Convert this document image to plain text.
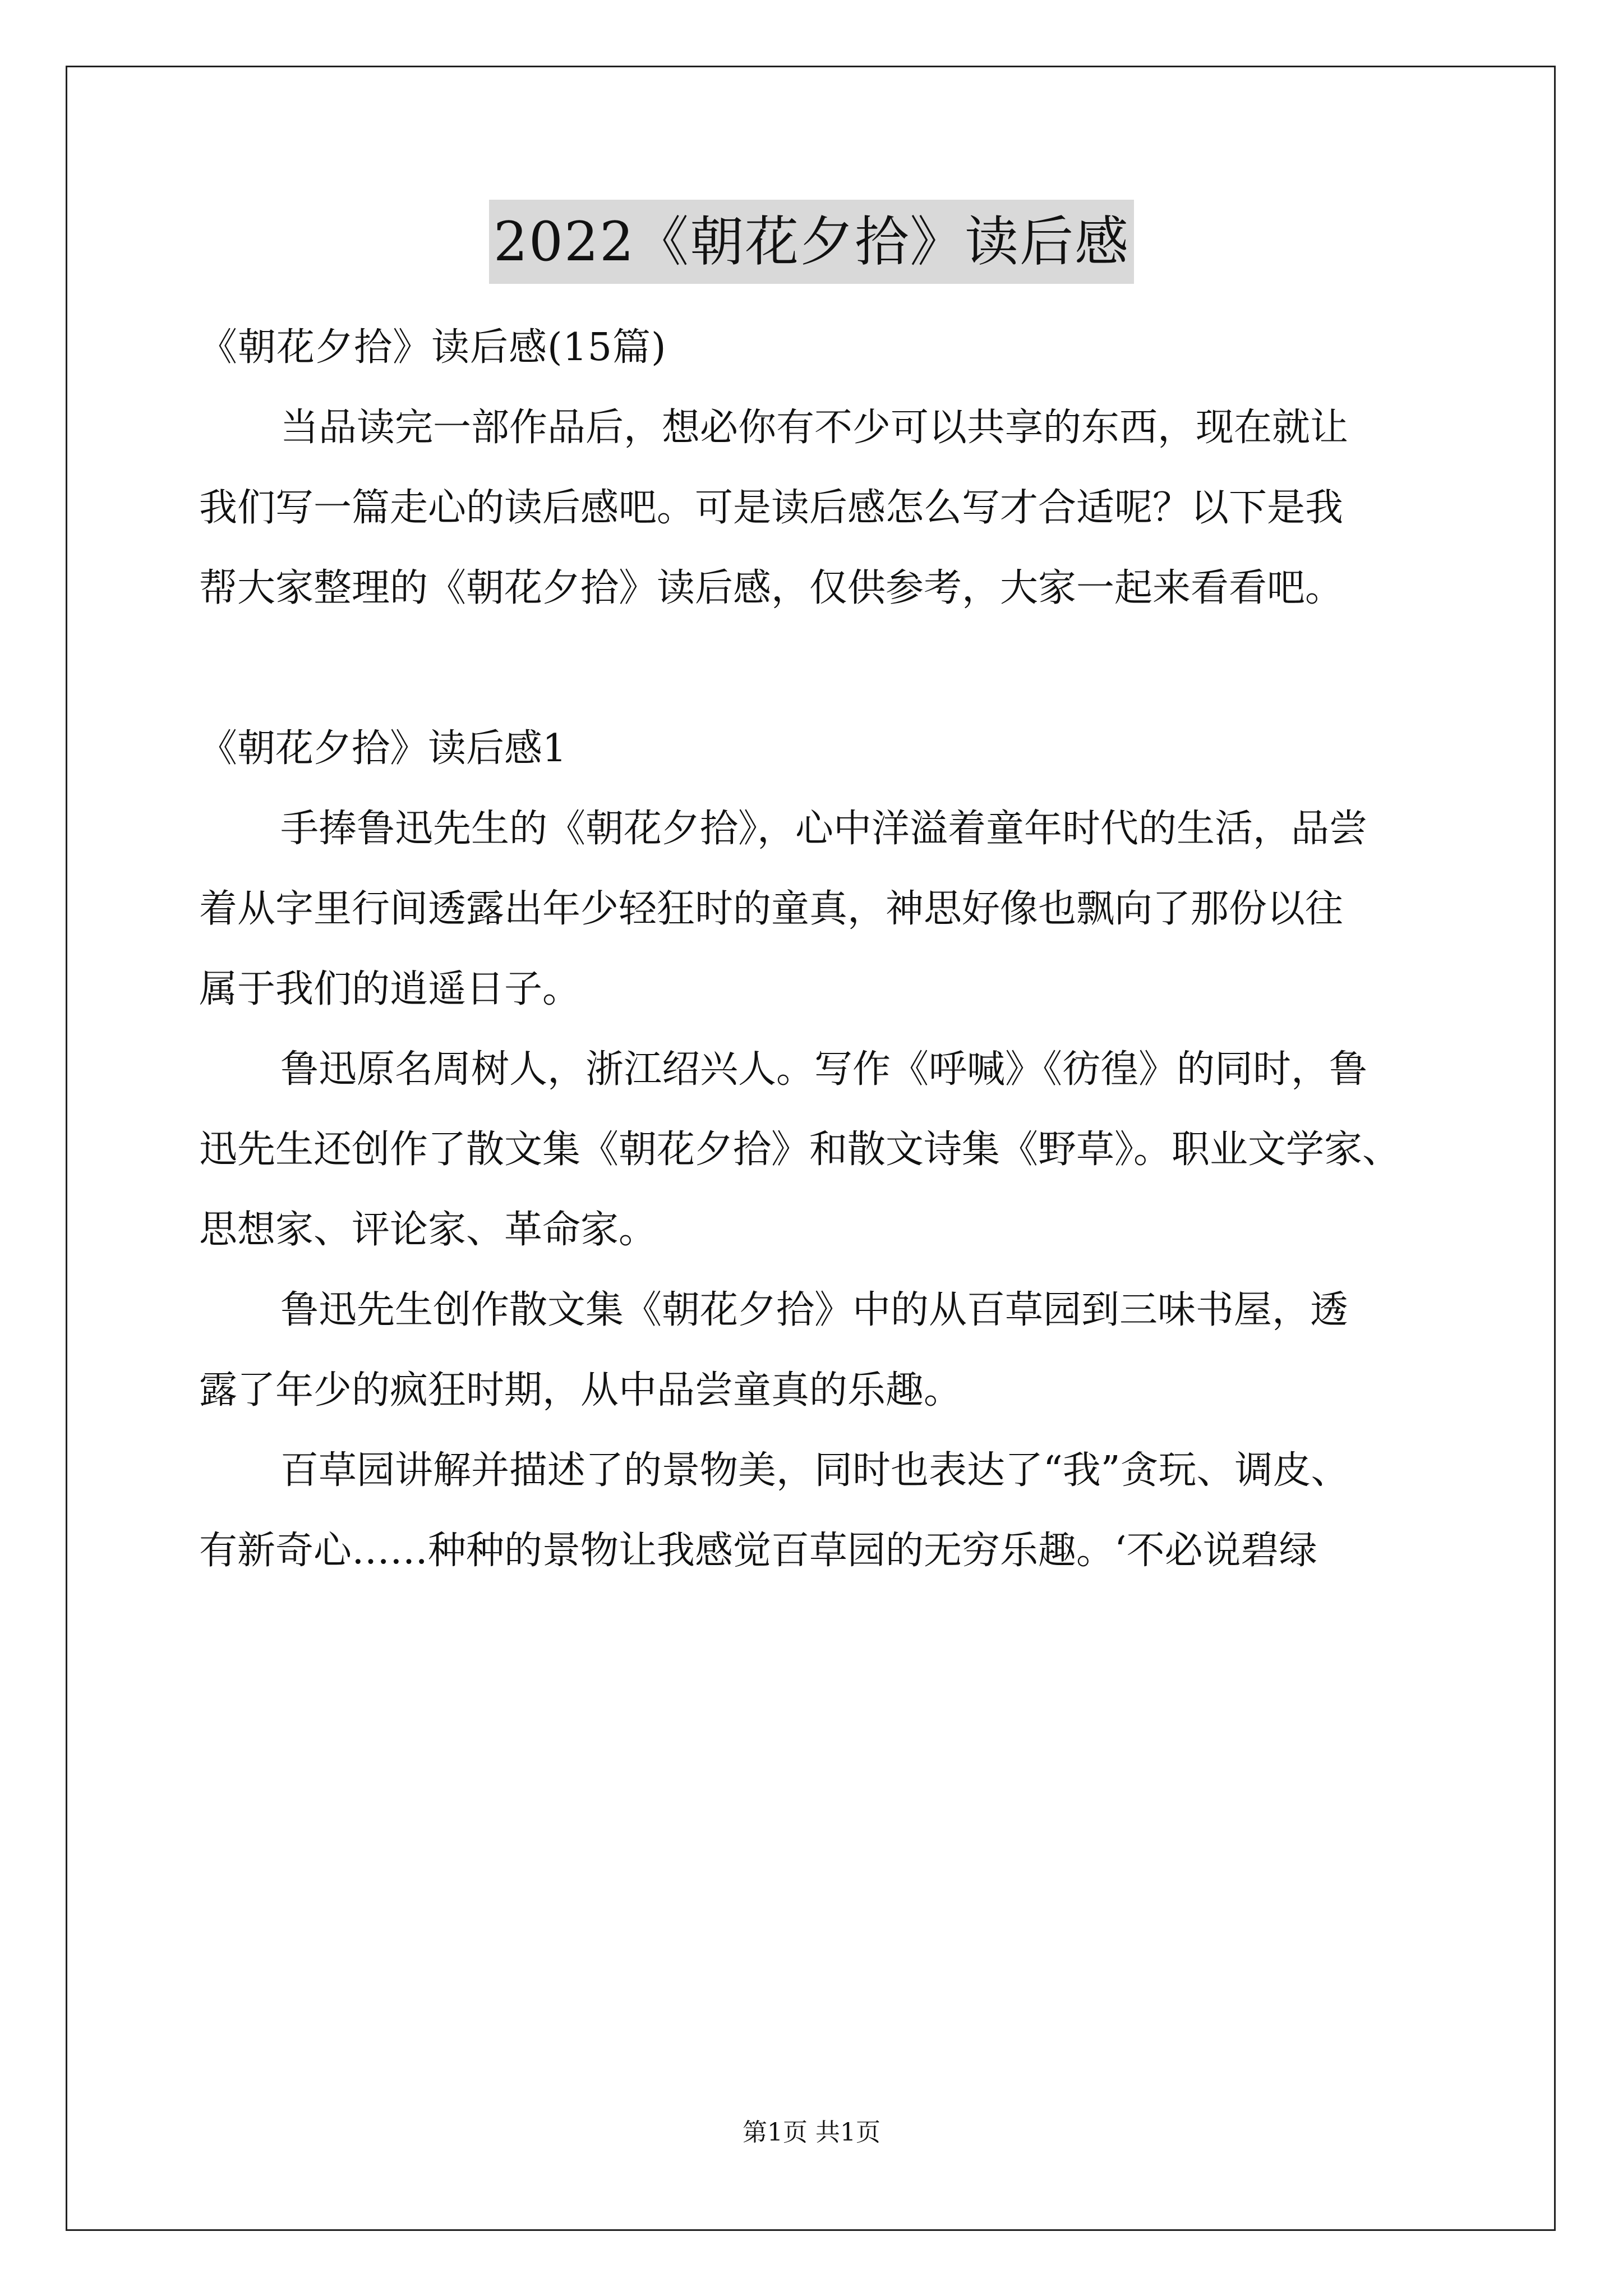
2022《朝花夕拾》读后感
《朝花夕拾》读后感(15篇)
当品读完一部作品后，想必你有不少可以共享的东西，现在就让
我们写一篇走心的读后感吧。可是读后感怎么写才合适呢？以下是我
帮大家整理的《朝花夕拾》读后感，仅供参考，大家一起来看看吧。
《朝花夕拾》读后感1
手捧鲁迅先生的《朝花夕拾》，心中洋溢着童年时代的生活，品尝
着从字里行间透露出年少轻狂时的童真，神思好像也飘向了那份以往
属于我们的逍遥日子。
鲁迅原名周树人，浙江绍兴人。写作《呼喊》《彷徨》的同时，鲁
迅先生还创作了散文集《朝花夕拾》和散文诗集《野草》。职业文学家、
思想家、评论家、革命家。
鲁迅先生创作散文集《朝花夕拾》中的从百草园到三味书屋，透
露了年少的疯狂时期，从中品尝童真的乐趣。
百草园讲解并描述了的景物美，同时也表达了“我”贪玩、调皮、
有新奇心……种种的景物让我感觉百草园的无穷乐趣。‘不必说碧绿
第1页 共1页
